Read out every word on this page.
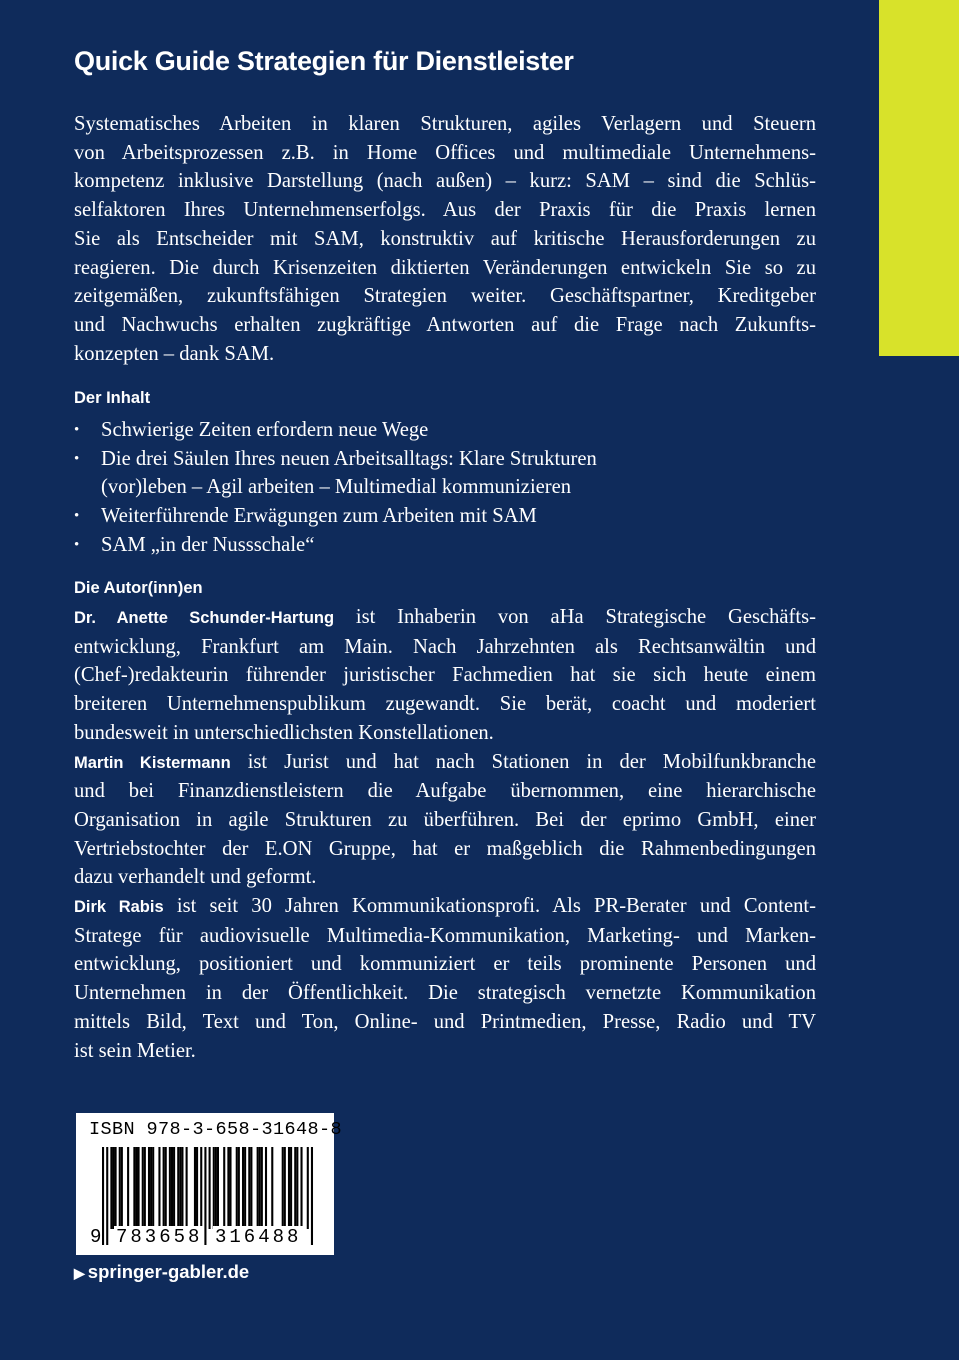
Quick Guide Strategien für Dienstleister

Systematisches Arbeiten in klaren Strukturen, agiles Verlagern und Steuern
von Arbeitsprozessen z.B. in Home Offices und multimediale Unternehmens-
kompetenz inklusive Darstellung (nach außen) – kurz: SAM – sind die Schlüs-
selfaktoren Ihres Unternehmenserfolgs. Aus der Praxis für die Praxis lernen
Sie als Entscheider mit SAM, konstruktiv auf kritische Herausforderungen zu
reagieren. Die durch Krisenzeiten diktierten Veränderungen entwickeln Sie so zu
zeitgemäßen, zukunftsfähigen Strategien weiter. Geschäftspartner, Kreditgeber
und Nachwuchs erhalten zugkräftige Antworten auf die Frage nach Zukunfts-
konzepten – dank SAM.

Der Inhalt
• Schwierige Zeiten erfordern neue Wege
• Die drei Säulen Ihres neuen Arbeitsalltags: Klare Strukturen
(vor)leben – Agil arbeiten – Multimedial kommunizieren
• Weiterführende Erwägungen zum Arbeiten mit SAM
• SAM „in der Nussschale“
Die Autor(inn)en
Dr. Anette Schunder-Hartung ist Inhaberin von aHa Strategische Geschäfts-
entwicklung, Frankfurt am Main. Nach Jahrzehnten als Rechtsanwältin und
(Chef-)redakteurin führender juristischer Fachmedien hat sie sich heute einem
breiteren Unternehmenspublikum zugewandt. Sie berät, coacht und moderiert
bundesweit in unterschiedlichsten Konstellationen.
Martin Kistermann ist Jurist und hat nach Stationen in der Mobilfunkbranche
und bei Finanzdienstleistern die Aufgabe übernommen, eine hierarchische
Organisation in agile Strukturen zu überführen. Bei der eprimo GmbH, einer
Vertriebstochter der E.ON Gruppe, hat er maßgeblich die Rahmenbedingungen
dazu verhandelt und geformt.
Dirk Rabis ist seit 30 Jahren Kommunikationsprofi. Als PR-Berater und Content-
Stratege für audiovisuelle Multimedia-Kommunikation, Marketing- und Marken-
entwicklung, positioniert und kommuniziert er teils prominente Personen und
Unternehmen in der Öffentlichkeit. Die strategisch vernetzte Kommunikation
mittels Bild, Text und Ton, Online- und Printmedien, Presse, Radio und TV
ist sein Metier.
ISBN 978-3-658-31648-8
9 783658 316488
▶ springer-gabler.de
